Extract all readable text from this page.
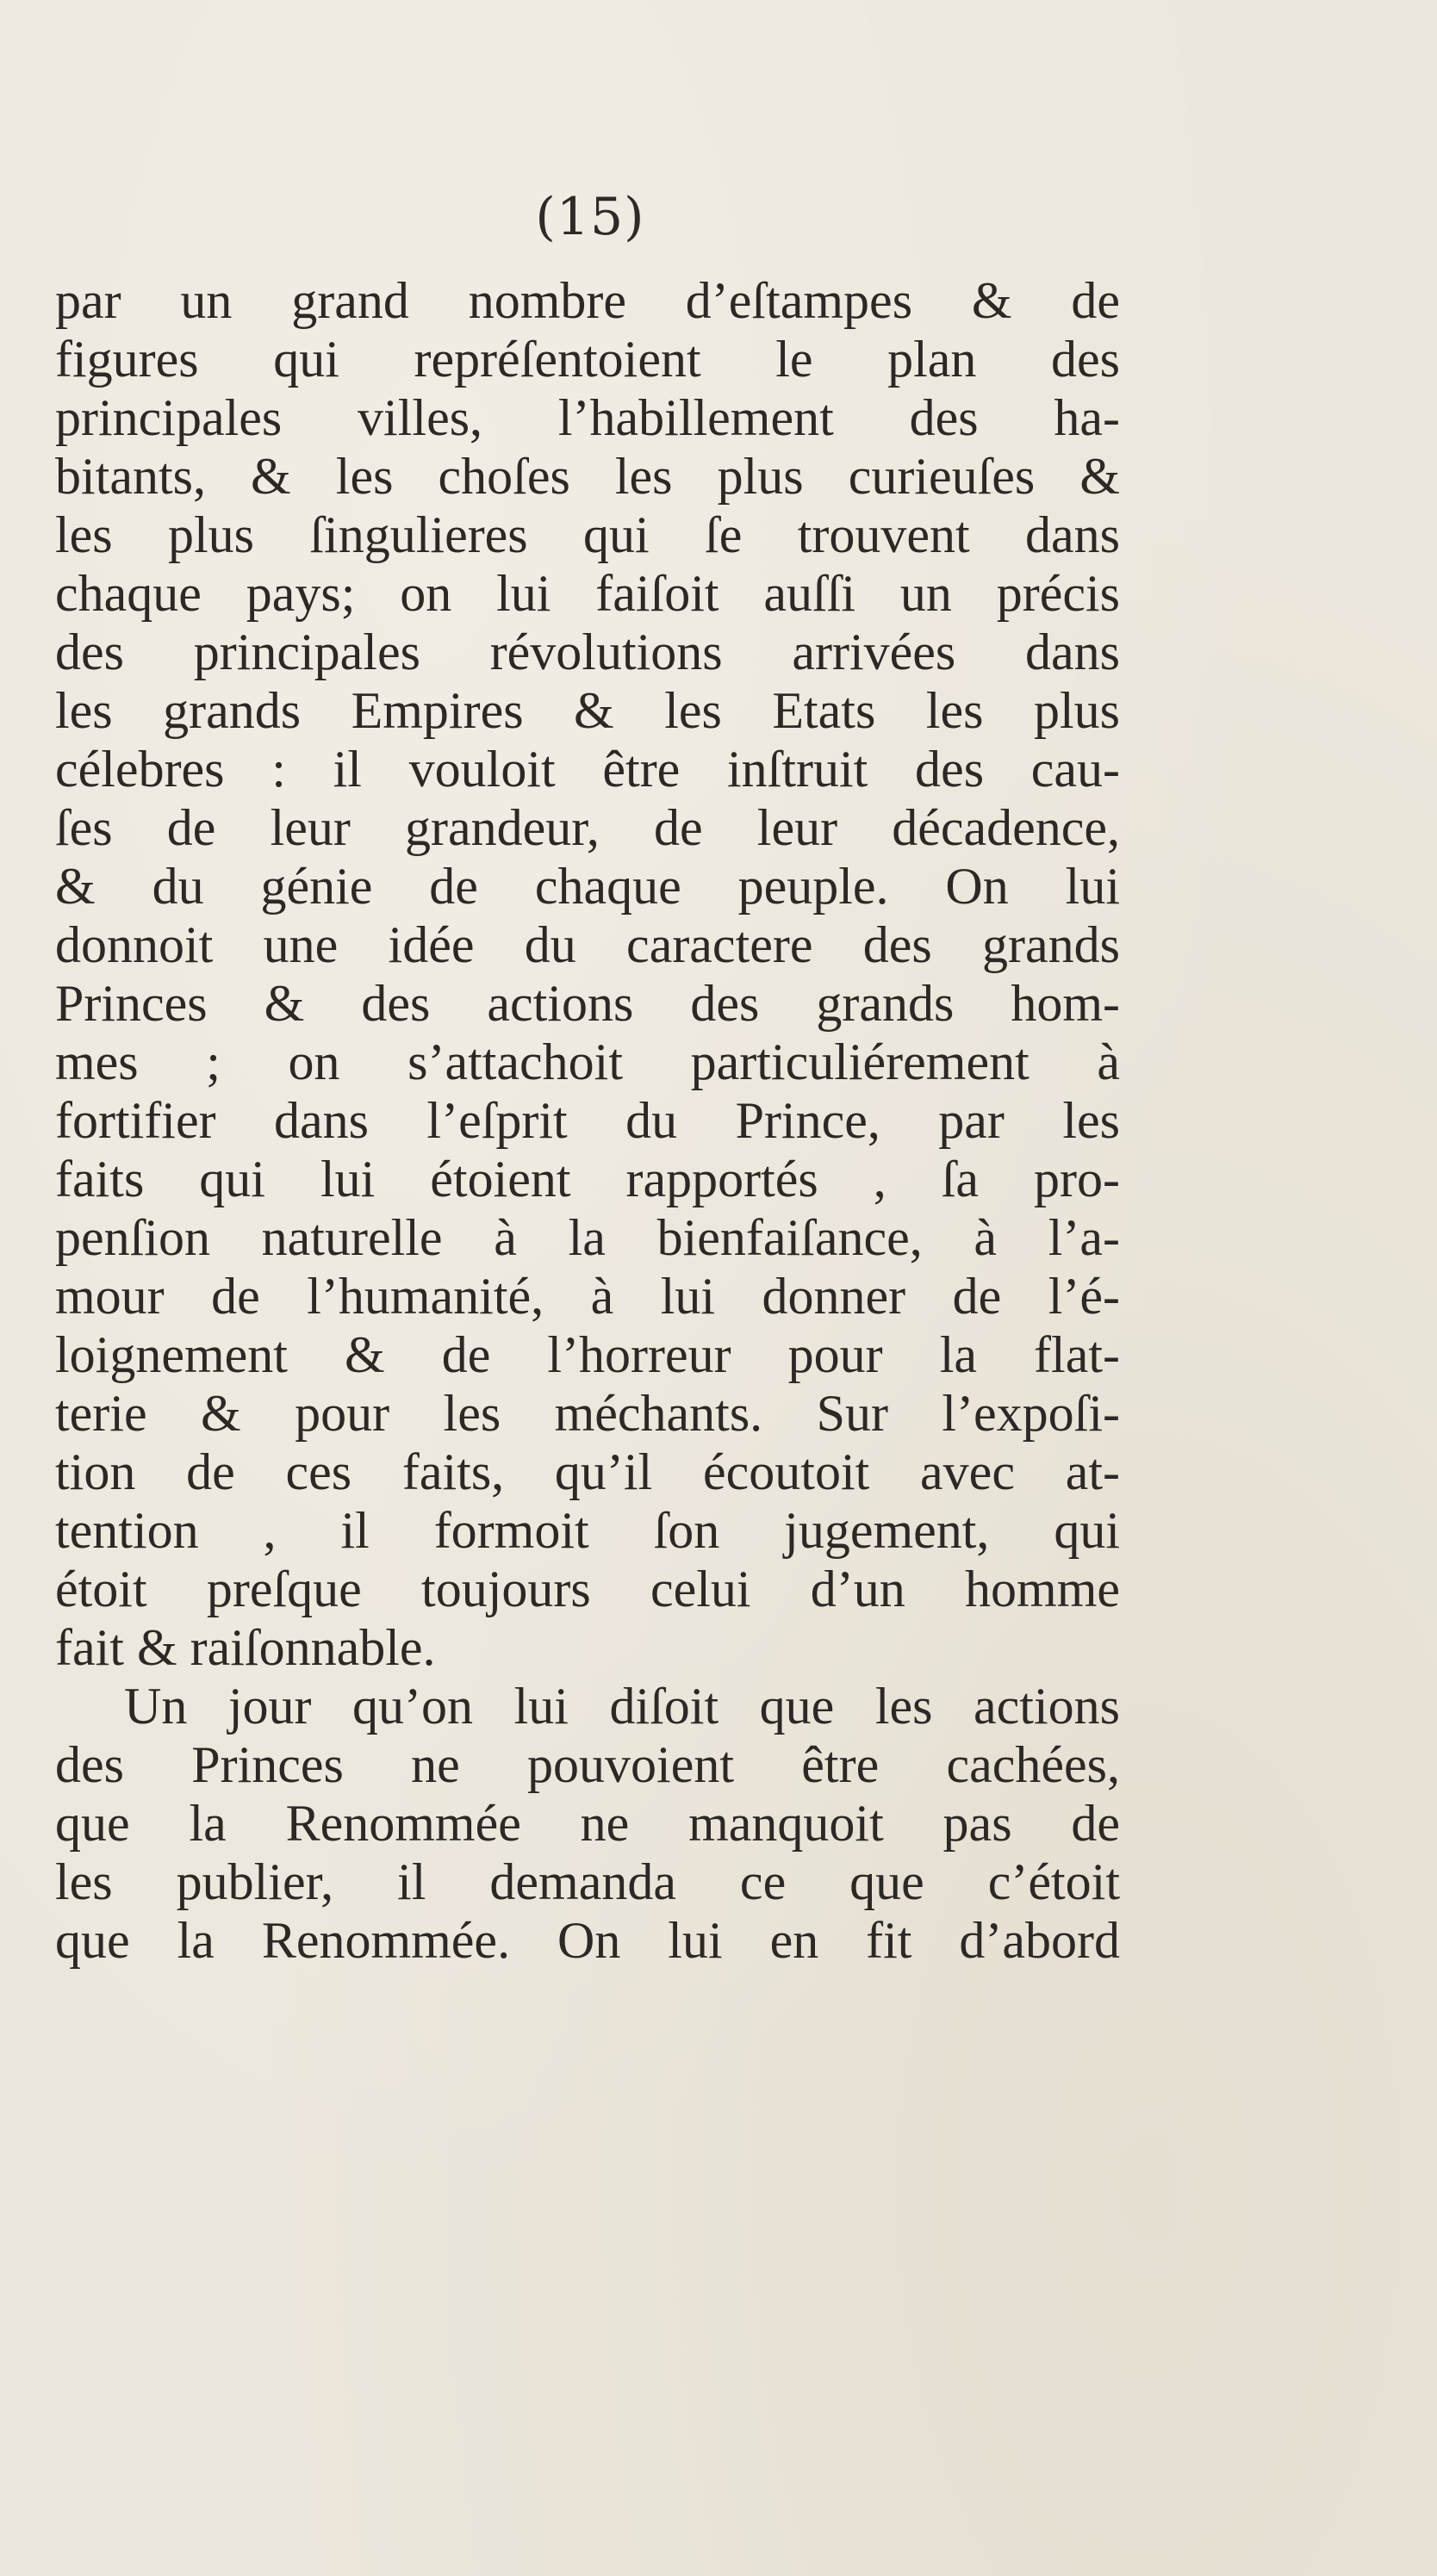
(15)
par un grand nombre d’eſtampes & de
figures qui repréſentoient le plan des
principales villes, l’habillement des ha-
bitants, & les choſes les plus curieuſes &
les plus ſingulieres qui ſe trouvent dans
chaque pays; on lui faiſoit auſſi un précis
des principales révolutions arrivées dans
les grands Empires & les Etats les plus
célebres : il vouloit être inſtruit des cau-
ſes de leur grandeur, de leur décadence,
& du génie de chaque peuple. On lui
donnoit une idée du caractere des grands
Princes & des actions des grands hom-
mes ; on s’attachoit particuliérement à
fortifier dans l’eſprit du Prince, par les
faits qui lui étoient rapportés , ſa pro-
penſion naturelle à la bienfaiſance, à l’a-
mour de l’humanité, à lui donner de l’é-
loignement & de l’horreur pour la flat-
terie & pour les méchants. Sur l’expoſi-
tion de ces faits, qu’il écoutoit avec at-
tention , il formoit ſon jugement, qui
étoit preſque toujours celui d’un homme
fait & raiſonnable.
Un jour qu’on lui diſoit que les actions
des Princes ne pouvoient être cachées,
que la Renommée ne manquoit pas de
les publier, il demanda ce que c’étoit
que la Renommée. On lui en fit d’abord
